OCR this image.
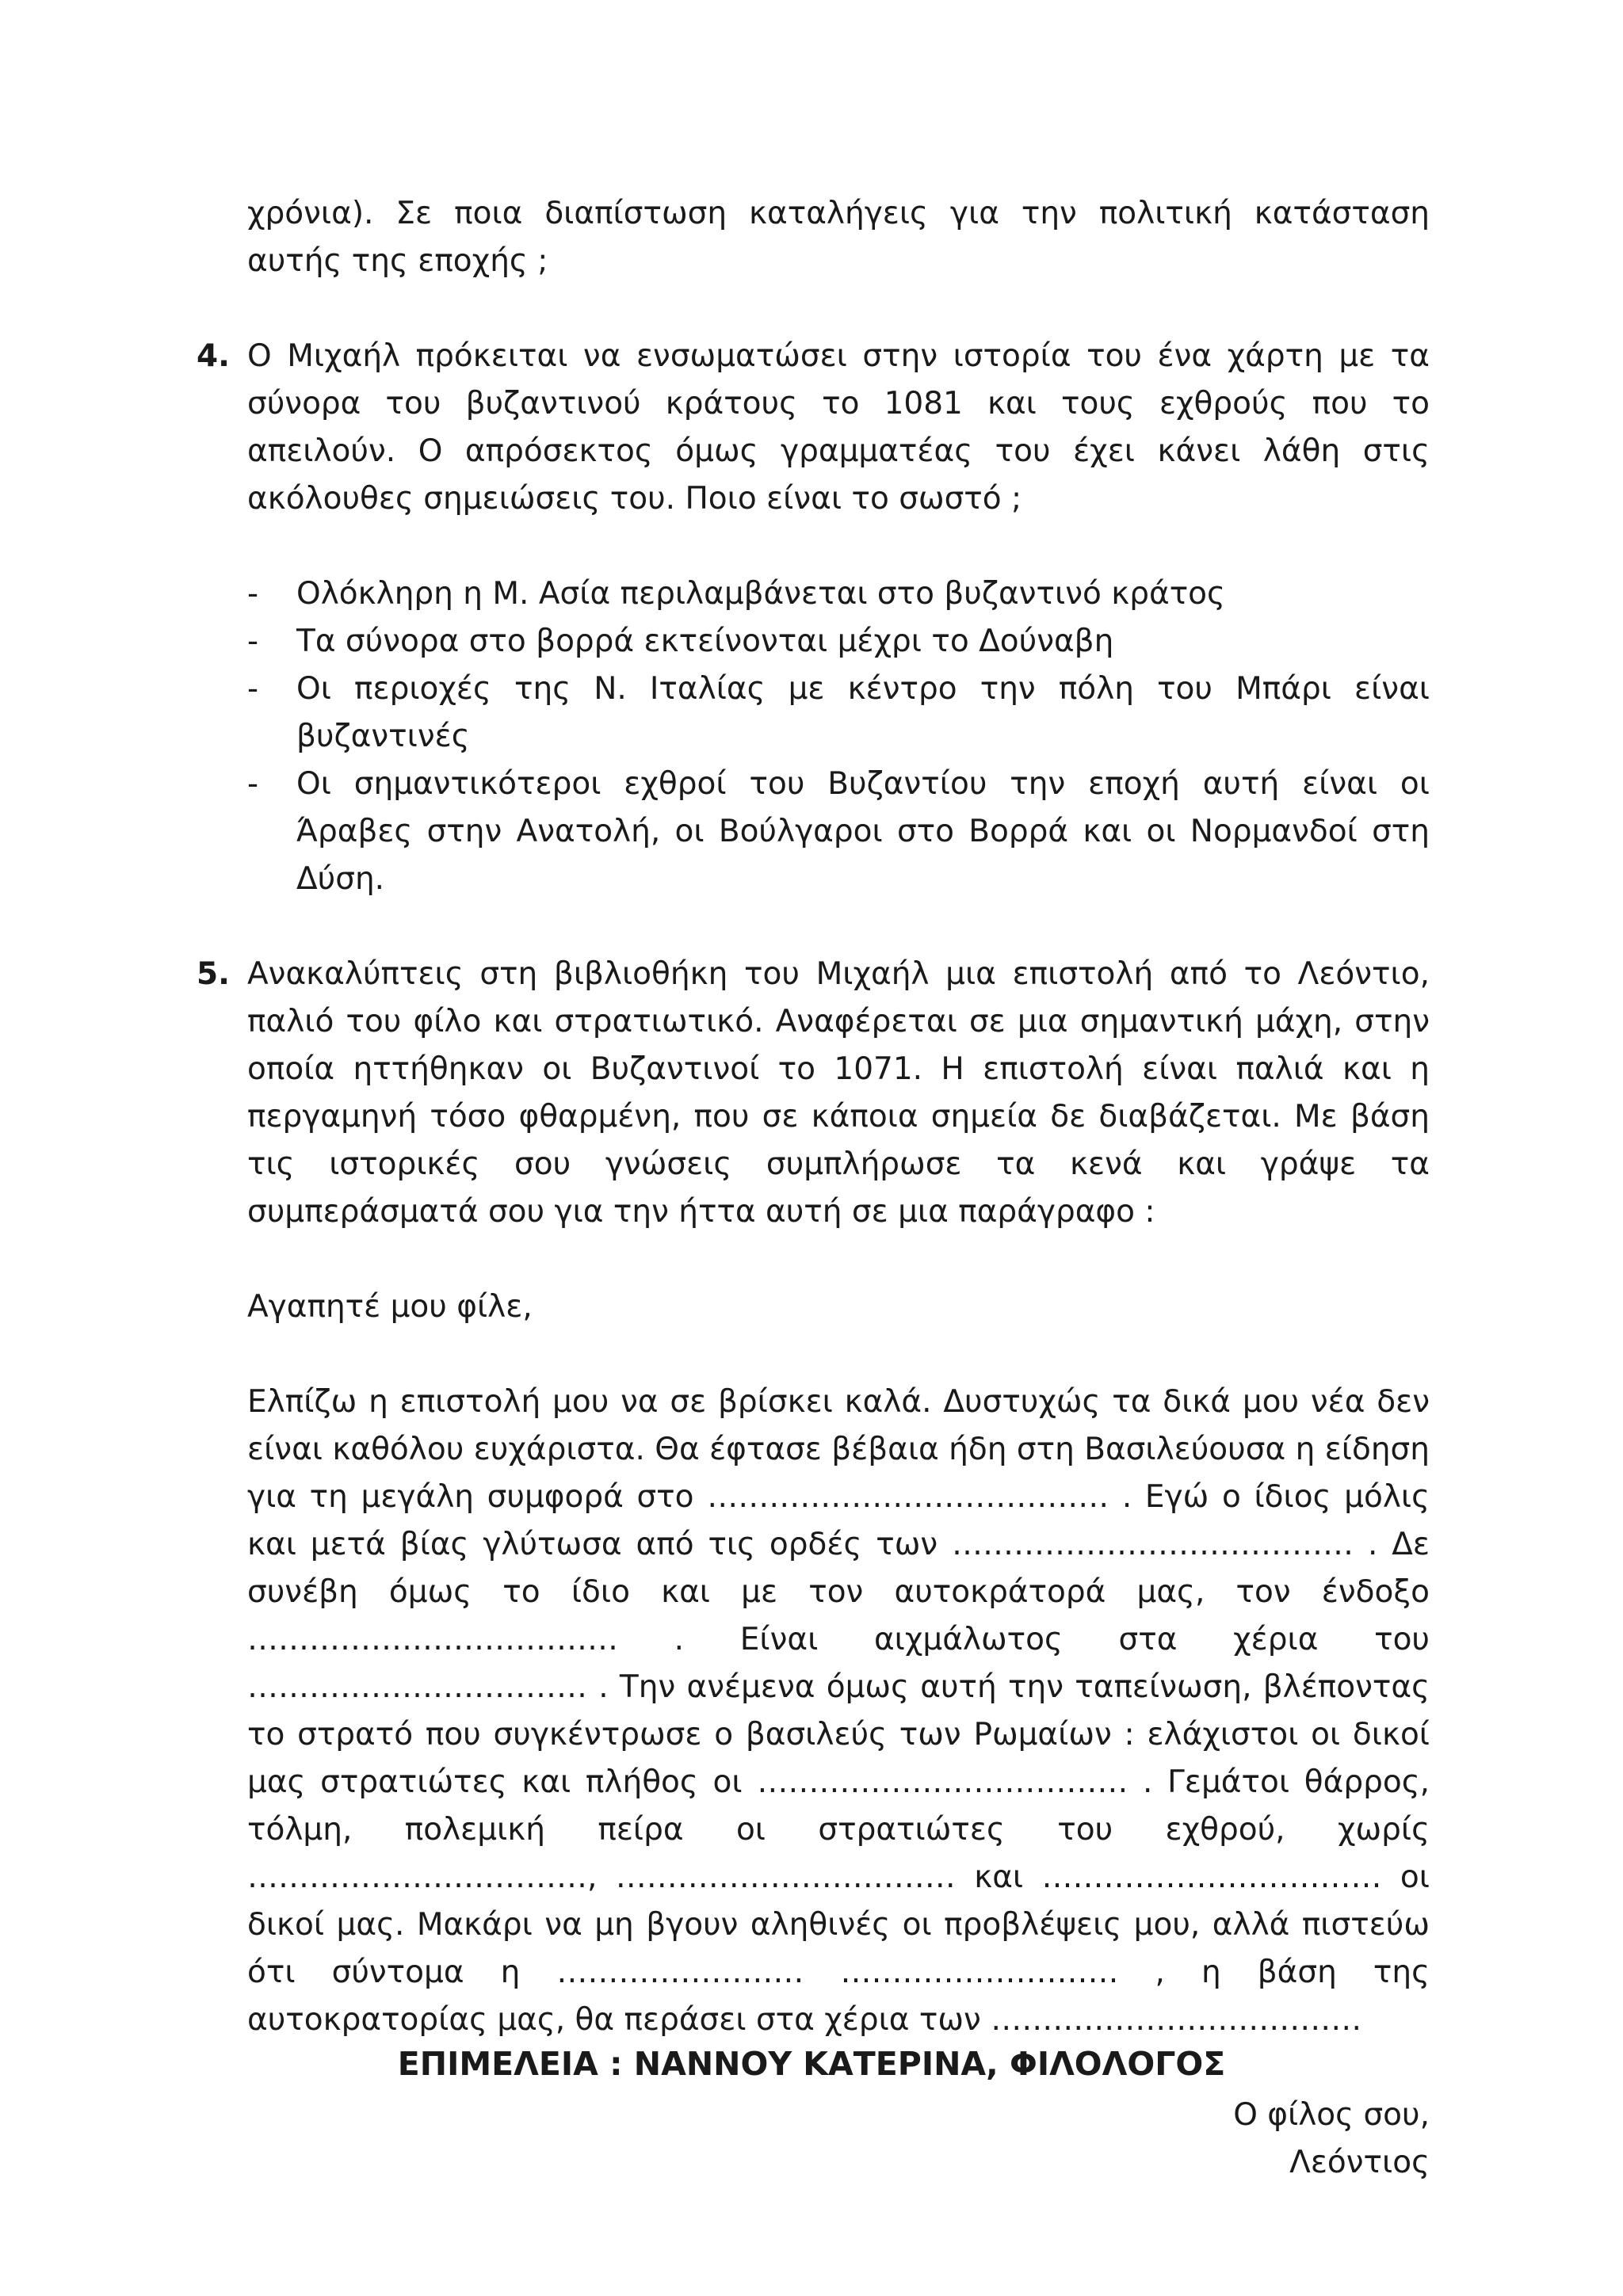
χρόνια). Σε ποια διαπίστωση καταλήγεις για την πολιτική κατάσταση αυτής της εποχής ;
4. Ο Μιχαήλ πρόκειται να ενσωματώσει στην ιστορία του ένα χάρτη με τα σύνορα του βυζαντινού κράτους το 1081 και τους εχθρούς που το απειλούν. Ο απρόσεκτος όμως γραμματέας του έχει κάνει λάθη στις ακόλουθες σημειώσεις του. Ποιο είναι το σωστό ;
- Ολόκληρη η Μ. Ασία περιλαμβάνεται στο βυζαντινό κράτος
- Τα σύνορα στο βορρά εκτείνονται μέχρι το Δούναβη
- Οι περιοχές της Ν. Ιταλίας με κέντρο την πόλη του Μπάρι είναι βυζαντινές
- Οι σημαντικότεροι εχθροί του Βυζαντίου την εποχή αυτή είναι οι Άραβες στην Ανατολή, οι Βούλγαροι στο Βορρά και οι Νορμανδοί στη Δύση.
5. Ανακαλύπτεις στη βιβλιοθήκη του Μιχαήλ μια επιστολή από το Λεόντιο, παλιό του φίλο και στρατιωτικό. Αναφέρεται σε μια σημαντική μάχη, στην οποία ηττήθηκαν οι Βυζαντινοί το 1071. Η επιστολή είναι παλιά και η περγαμηνή τόσο φθαρμένη, που σε κάποια σημεία δε διαβάζεται. Με βάση τις ιστορικές σου γνώσεις συμπλήρωσε τα κενά και γράψε τα συμπεράσματά σου για την ήττα αυτή σε μια παράγραφο :
Αγαπητέ μου φίλε,
Ελπίζω η επιστολή μου να σε βρίσκει καλά. Δυστυχώς τα δικά μου νέα δεν είναι καθόλου ευχάριστα. Θα έφτασε βέβαια ήδη στη Βασιλεύουσα η είδηση για τη μεγάλη συμφορά στο ………………………………… . Εγώ ο ίδιος μόλις και μετά βίας γλύτωσα από τις ορδές των ………………………………… . Δε συνέβη όμως το ίδιο και με τον αυτοκράτορά μας, τον ένδοξο ……………………………… . Είναι αιχμάλωτος στα χέρια του …………………………… . Την ανέμενα όμως αυτή την ταπείνωση, βλέποντας το στρατό που συγκέντρωσε ο βασιλεύς των Ρωμαίων : ελάχιστοι οι δικοί μας στρατιώτες και πλήθος οι ……………………………… . Γεμάτοι θάρρος, τόλμη, πολεμική πείρα οι στρατιώτες του εχθρού, χωρίς ……………………………, …………………………… και …………………………… οι δικοί μας. Μακάρι να μη βγουν αληθινές οι προβλέψεις μου, αλλά πιστεύω ότι σύντομα η …………………… ……………………… , η βάση της αυτοκρατορίας μας, θα περάσει στα χέρια των ………………………………
Ο φίλος σου,
Λεόντιος
ΕΠΙΜΕΛΕΙΑ : ΝΑΝΝΟΥ ΚΑΤΕΡΙΝΑ, ΦΙΛΟΛΟΓΟΣ
